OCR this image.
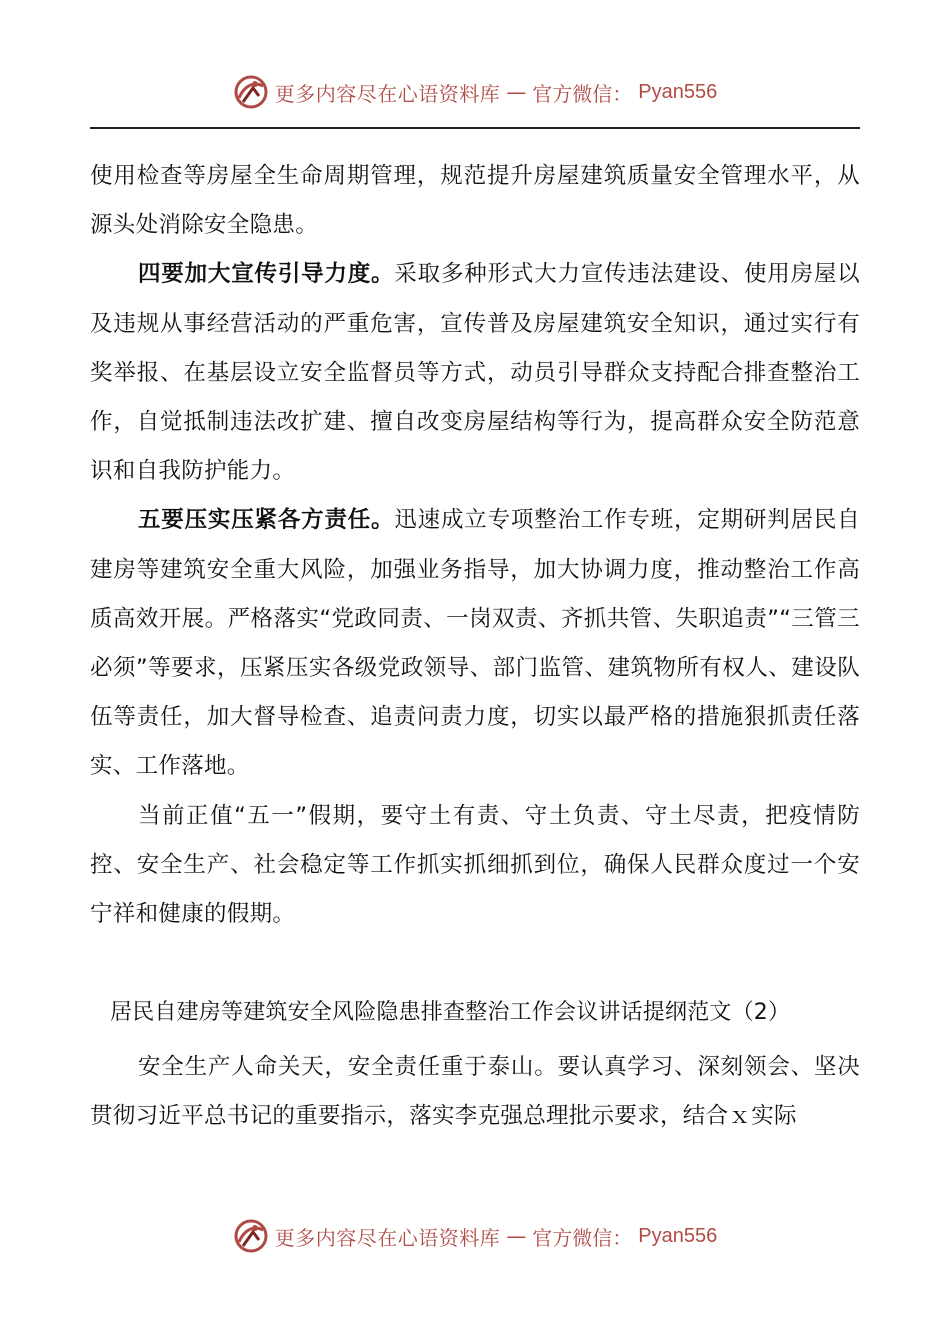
更多内容尽在心语资料库 — 官方微信： Pyan556

使用检查等房屋全生命周期管理，规范提升房屋建筑质量安全管理水平，从源头处消除安全隐患。

四要加大宣传引导力度。采取多种形式大力宣传违法建设、使用房屋以及违规从事经营活动的严重危害，宣传普及房屋建筑安全知识，通过实行有奖举报、在基层设立安全监督员等方式，动员引导群众支持配合排查整治工作，自觉抵制违法改扩建、擅自改变房屋结构等行为，提高群众安全防范意识和自我防护能力。

五要压实压紧各方责任。迅速成立专项整治工作专班，定期研判居民自建房等建筑安全重大风险，加强业务指导，加大协调力度，推动整治工作高质高效开展。严格落实“党政同责、一岗双责、齐抓共管、失职追责”“三管三必须”等要求，压紧压实各级党政领导、部门监管、建筑物所有权人、建设队伍等责任，加大督导检查、追责问责力度，切实以最严格的措施狠抓责任落实、工作落地。

当前正值“五一”假期，要守土有责、守土负责、守土尽责，把疫情防控、安全生产、社会稳定等工作抓实抓细抓到位，确保人民群众度过一个安宁祥和健康的假期。

居民自建房等建筑安全风险隐患排查整治工作会议讲话提纲范文（2）

安全生产人命关天，安全责任重于泰山。要认真学习、深刻领会、坚决贯彻习近平总书记的重要指示，落实李克强总理批示要求，结合ｘ实际

更多内容尽在心语资料库 — 官方微信： Pyan556
